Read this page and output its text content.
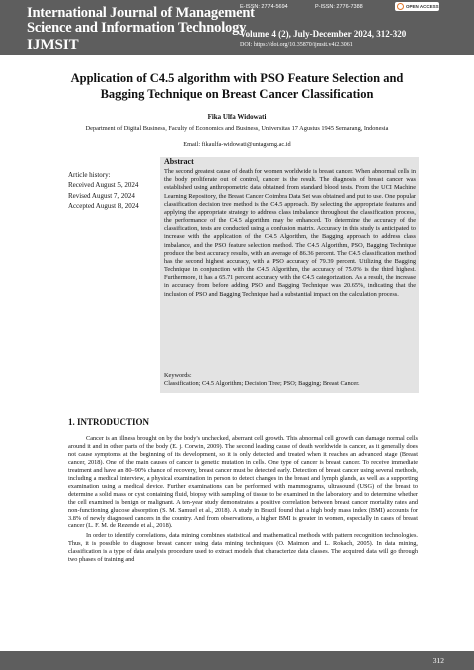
International Journal of Management
Science and Information Technology
IJMSIT
E-ISSN: 2774-5694	P-ISSN: 2776-7388	OPEN ACCESS
Volume 4 (2), July-December 2024, 312-320
DOI: https://doi.org/10.35870/ijmsit.v4i2.3061
Application of C4.5 algorithm with PSO Feature Selection and
Bagging Technique on Breast Cancer Classification
Fika Ulfa Widowati
Department of Digital Business, Faculty of Economics and Business, Universitas 17 Agustus 1945 Semarang, Indonesia
Email: fikaulfa-widowati@untagsmg.ac.id
Article history:
Received August 5, 2024
Revised August 7, 2024
Accepted August 8, 2024
Abstract
The second greatest cause of death for women worldwide is breast cancer. When abnormal cells in the body proliferate out of control, cancer is the result. The diagnosis of breast cancer was established using anthropometric data obtained from standard blood tests. From the UCI Machine Learning Repository, the Breast Cancer Coimbra Data Set was obtained and put to use. One popular classification decision tree method is the C4.5 approach. By selecting the appropriate features and applying the appropriate strategy to address class imbalance throughout the classification process, the performance of the C4.5 algorithm may be enhanced. To determine the accuracy of the classification, tests are conducted using a confusion matrix. Accuracy in this study is anticipated to increase with the application of the C4.5 Algorithm, the Bagging approach to address class imbalance, and the PSO feature selection method. The C4.5 Algorithm, PSO, Bagging Technique produce the best accuracy results, with an average of 86.36 percent. The C4.5 classification method has the second highest accuracy, with a PSO accuracy of 79.39 percent. Utilizing the Bagging Technique in conjunction with the C4.5 Algorithm, the accuracy of 75.0% is the third highest. Furthermore, it has a 65.71 percent accuracy with the C4.5 categorization. As a result, the increase in accuracy from before adding PSO and Bagging Technique was 20.65%, indicating that the inclusion of PSO and Bagging Technique had a substantial impact on the calculation process.
Keywords:
Classification; C4.5 Algorithm; Decision Tree; PSO; Bagging; Breast Cancer.
1. INTRODUCTION

Cancer is an illness brought on by the body's unchecked, aberrant cell growth. This abnormal cell growth can damage normal cells around it and in other parts of the body (E. j. Corwin, 2009). The second leading cause of death worldwide is cancer, as it generally does not cause symptoms at the beginning of its development, so it is only detected and treated when it reaches an advanced stage (Breast cancer, 2018). One of the main causes of cancer is genetic mutation in cells. One type of cancer is breast cancer. To receive immediate treatment and have an 80–90% chance of recovery, breast cancer must be detected early. Detection of breast cancer using several methods, including a medical interview, a physical examination in person to detect changes in the breast and lymph glands, as well as a supporting examination using a medical device. Further examinations can be performed with mammograms, ultrasound (USG) of the breast to determine a solid mass or cyst containing fluid, biopsy with sampling of tissue to be examined in the laboratory and to determine whether the cell examined is benign or malignant. A ten-year study demonstrates a positive correlation between breast cancer mortality rates and non-functioning glucose absorption (S. M. Samuel et al., 2018). A study in Brazil found that a high body mass index (BMI) accounts for 3.8% of newly diagnosed cancers in the country. And from observations, a higher BMI is greater in women, especially in cases of breast cancer (L. F. M. de Rezende et al., 2018).

In order to identify correlations, data mining combines statistical and mathematical methods with pattern recognition technologies. Thus, it is possible to diagnose breast cancer using data mining techniques (O. Maimon and L. Rokach, 2005). In data mining, classification is a type of data analysis procedure used to extract models that characterize data classes. The acquired data will go through two phases of training and

312
